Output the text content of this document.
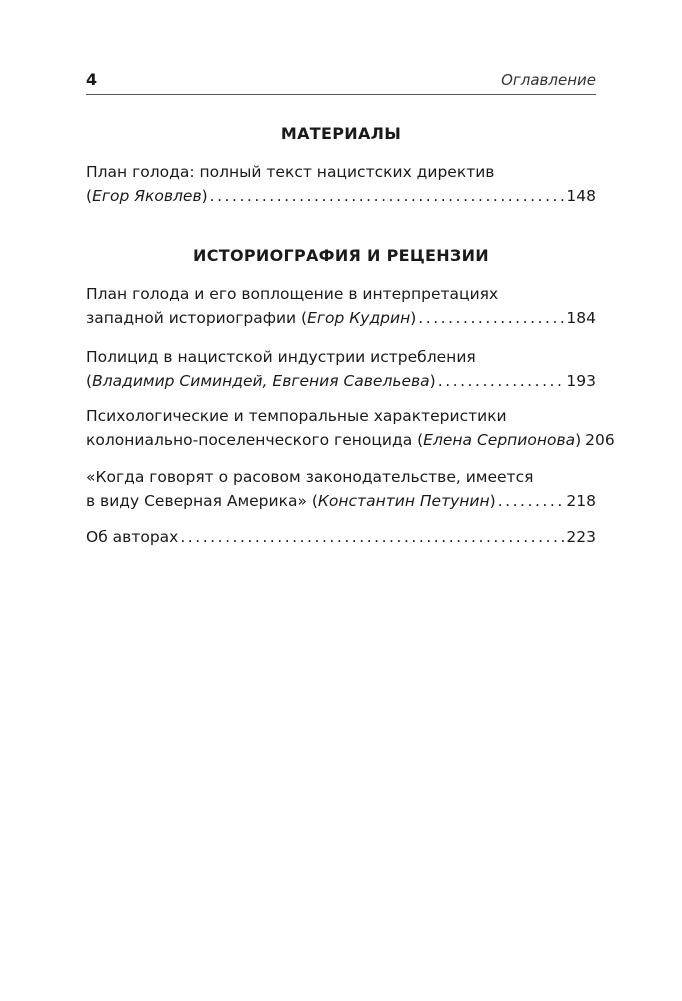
4	Оглавление
МАТЕРИАЛЫ
План голода: полный текст нацистских директив
(Егор Яковлев) . . .	148
ИСТОРИОГРАФИЯ И РЕЦЕНЗИИ
План голода и его воплощение в интерпретациях
западной историографии (Егор Кудрин) . . .	184
Полицид в нацистской индустрии истребления
(Владимир Симиндей, Евгения Савельева) . . .	193
Психологические и темпоральные характеристики
колониально-поселенческого геноцида (Елена Серпионова) 206
«Когда говорят о расовом законодательстве, имеется
в виду Северная Америка» (Константин Петунин) . . .	218
Об авторах . . .	223
